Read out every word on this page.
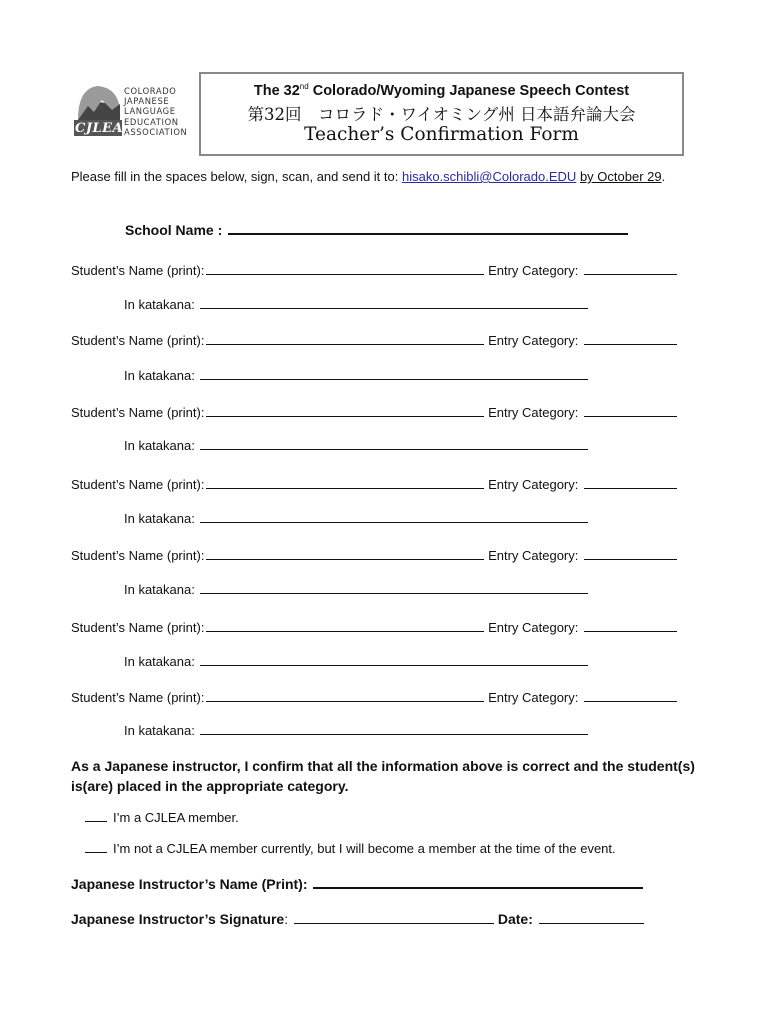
CJLEA
COLORADO
JAPANESE
LANGUAGE
EDUCATION
ASSOCIATION
The 32nd Colorado/Wyoming Japanese Speech Contest
第32回　コロラド・ワイオミング州 日本語弁論大会
Teacher’s Confirmation Form
Please fill in the spaces below, sign, scan, and send it to: hisako.schibli@Colorado.EDU by October 29.
School Name :
Student’s Name (print):	Entry Category:
In katakana:
Student’s Name (print):	Entry Category:
In katakana:
Student’s Name (print):	Entry Category:
In katakana:
Student’s Name (print):	Entry Category:
In katakana:
Student’s Name (print):	Entry Category:
In katakana:
Student’s Name (print):	Entry Category:
In katakana:
Student’s Name (print):	Entry Category:
In katakana:
As a Japanese instructor, I confirm that all the information above is correct and the student(s) is(are) placed in the appropriate category.
I’m a CJLEA member.
I’m not a CJLEA member currently, but I will become a member at the time of the event.
Japanese Instructor’s Name (Print):
Japanese Instructor’s Signature:	Date:
